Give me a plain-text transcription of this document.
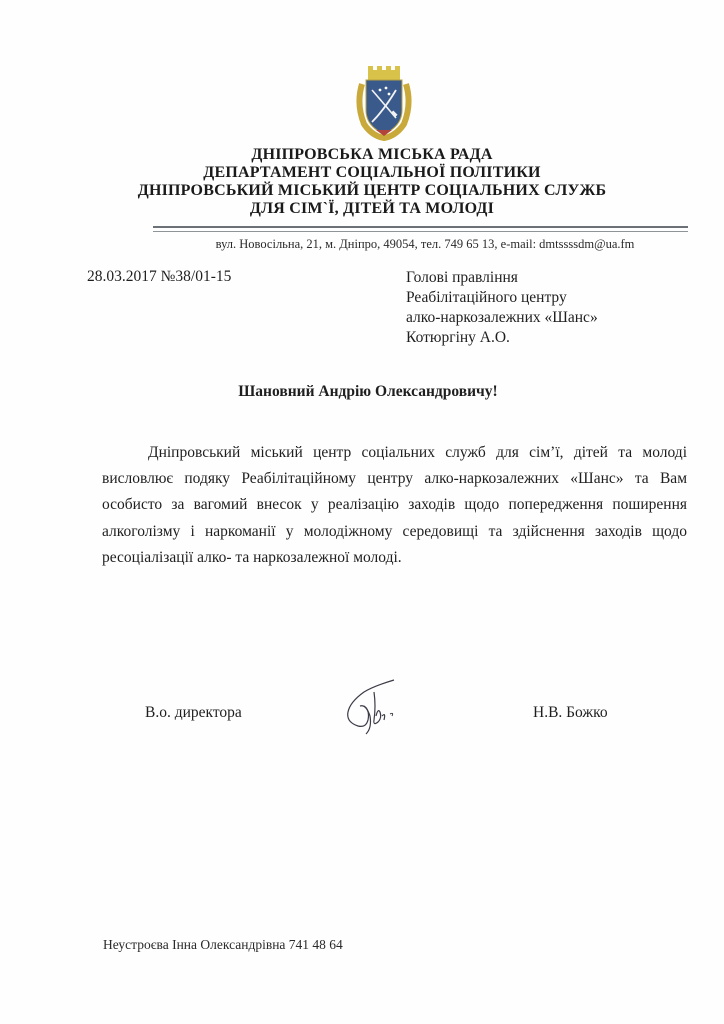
ДНІПРОВСЬКА МІСЬКА РАДА
ДЕПАРТАМЕНТ СОЦІАЛЬНОЇ ПОЛІТИКИ
ДНІПРОВСЬКИЙ МІСЬКИЙ ЦЕНТР СОЦІАЛЬНИХ СЛУЖБ
ДЛЯ СІМ`Ї, ДІТЕЙ ТА МОЛОДІ
вул. Новосільна, 21, м. Дніпро, 49054, тел. 749 65 13, e-mail: dmtssssdm@ua.fm
28.03.2017 №38/01-15	Голові правління
Реабілітаційного центру
алко-наркозалежних «Шанс»
Котюргіну А.О.
Шановний Андрію Олександровичу!
Дніпровський міський центр соціальних служб для сім’ї, дітей та молоді висловлює подяку Реабілітаційному центру алко-наркозалежних «Шанс» та Вам особисто за вагомий внесок у реалізацію заходів щодо попередження поширення алкоголізму і наркоманії у молодіжному середовищі та здійснення заходів щодо ресоціалізації алко- та наркозалежної молоді.
В.о. директора	Н.В. Божко
Неустроєва Інна Олександрівна 741 48 64
